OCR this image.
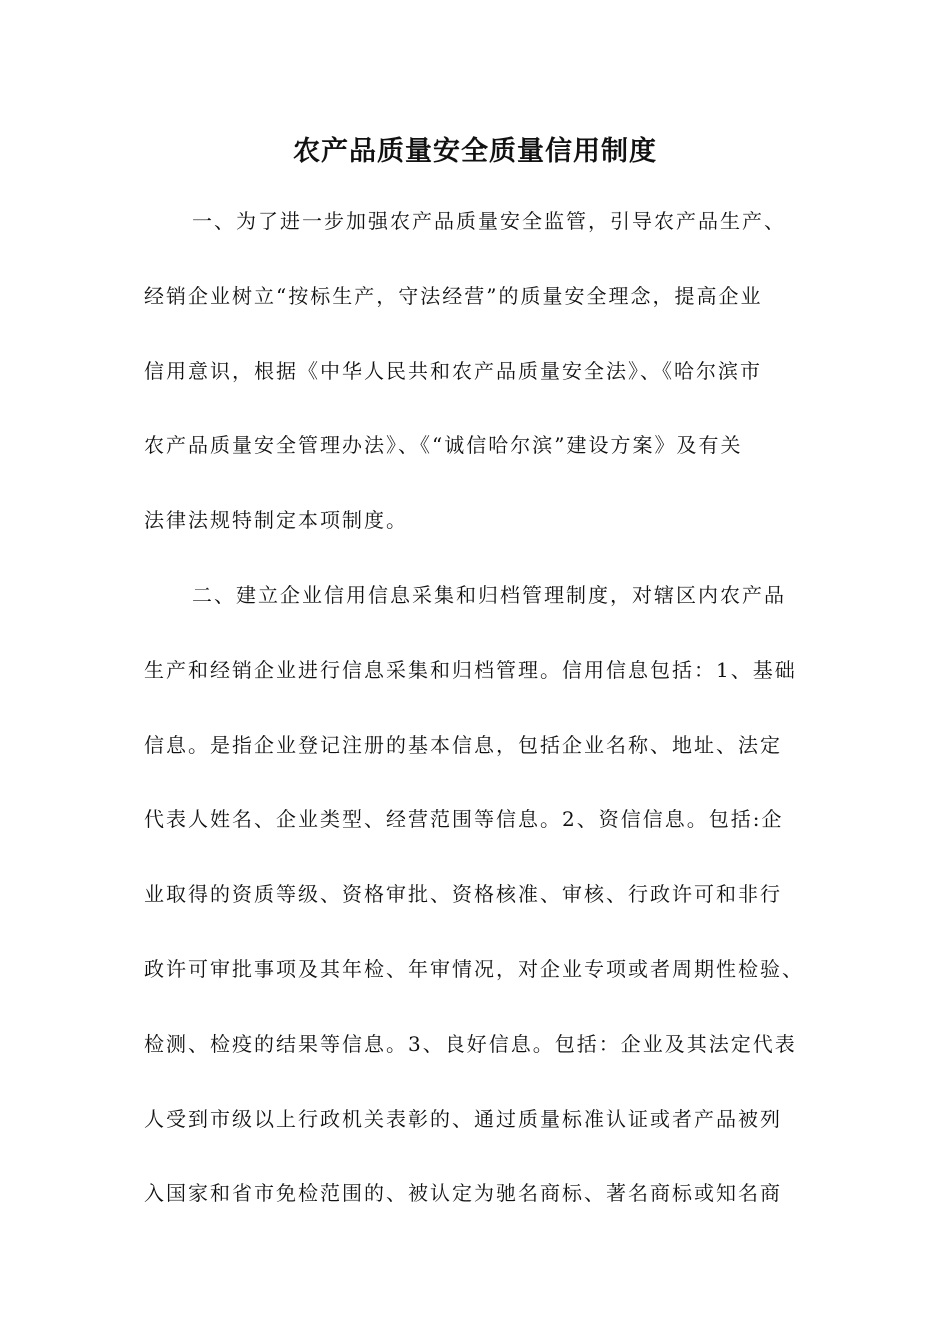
农产品质量安全质量信用制度
一、为了进一步加强农产品质量安全监管，引导农产品生产、
经销企业树立“按标生产，守法经营”的质量安全理念，提高企业
信用意识，根据《中华人民共和农产品质量安全法》、《哈尔滨市
农产品质量安全管理办法》、《“诚信哈尔滨”建设方案》及有关
法律法规特制定本项制度。
二、建立企业信用信息采集和归档管理制度，对辖区内农产品
生产和经销企业进行信息采集和归档管理。信用信息包括：1、基础
信息。是指企业登记注册的基本信息，包括企业名称、地址、法定
代表人姓名、企业类型、经营范围等信息。2、资信信息。包括:企
业取得的资质等级、资格审批、资格核准、审核、行政许可和非行
政许可审批事项及其年检、年审情况，对企业专项或者周期性检验、
检测、检疫的结果等信息。3、良好信息。包括：企业及其法定代表
人受到市级以上行政机关表彰的、通过质量标准认证或者产品被列
入国家和省市免检范围的、被认定为驰名商标、著名商标或知名商
